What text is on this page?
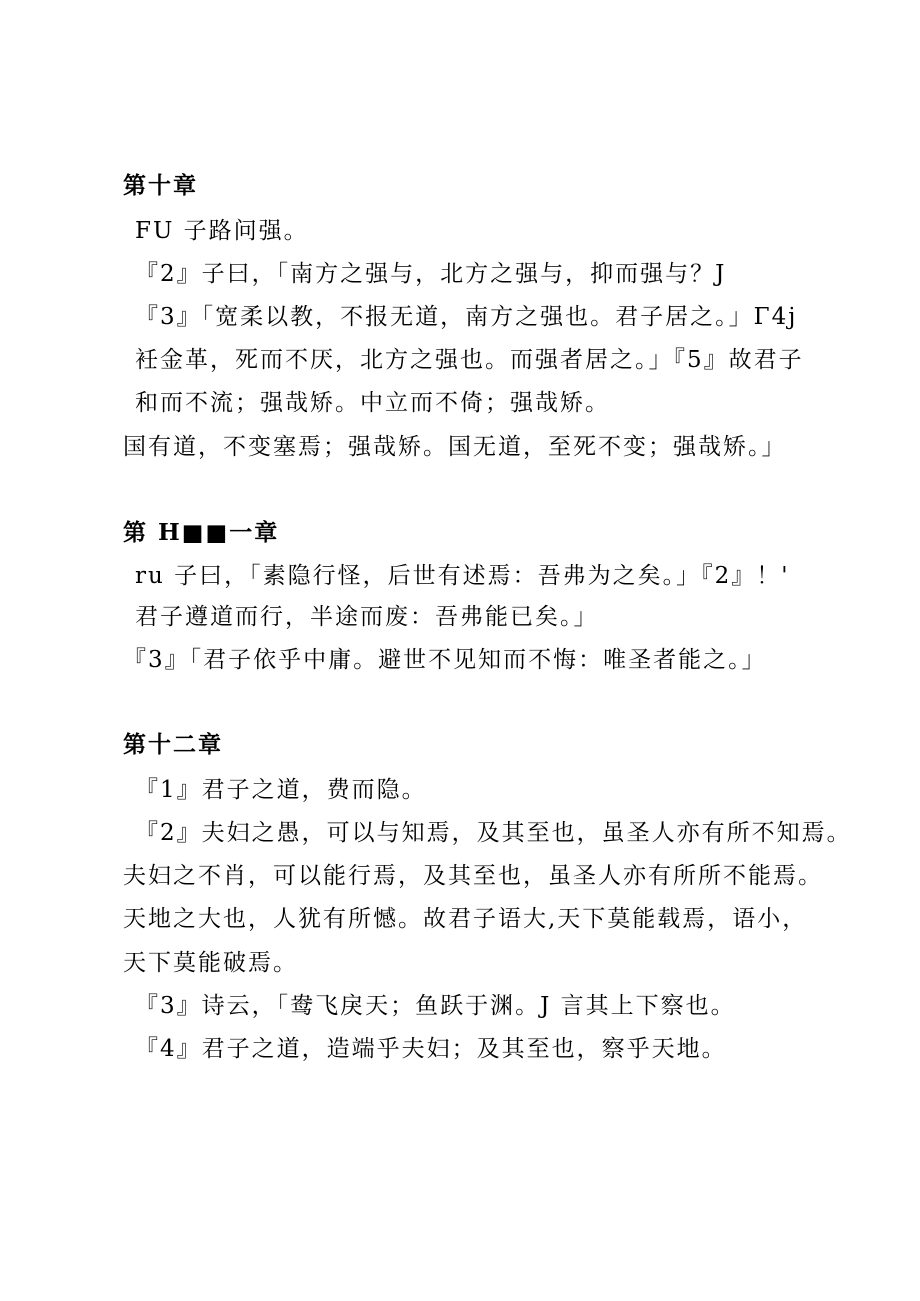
第十章
FU 子路问强。
『2』子曰，「南方之强与，北方之强与，抑而强与？J
『3』「宽柔以教，不报无道，南方之强也。君子居之。」Γ4j
衽金革，死而不厌，北方之强也。而强者居之。」『5』故君子
和而不流；强哉矫。中立而不倚；强哉矫。
国有道，不变塞焉；强哉矫。国无道，至死不变；强哉矫。」
第 H■■一章
ru 子曰，「素隐行怪，后世有述焉：吾弗为之矣。」『2』！'
君子遵道而行，半途而废：吾弗能已矣。」
『3』「君子依乎中庸。避世不见知而不悔：唯圣者能之。」
第十二章
『1』君子之道，费而隐。
『2』夫妇之愚，可以与知焉，及其至也，虽圣人亦有所不知焉。
夫妇之不肖，可以能行焉，及其至也，虽圣人亦有所所不能焉。
天地之大也，人犹有所憾。故君子语大,天下莫能载焉，语小，
天下莫能破焉。
『3』诗云，「鸯飞戾天；鱼跃于渊。J 言其上下察也。
『4』君子之道，造端乎夫妇；及其至也，察乎天地。
